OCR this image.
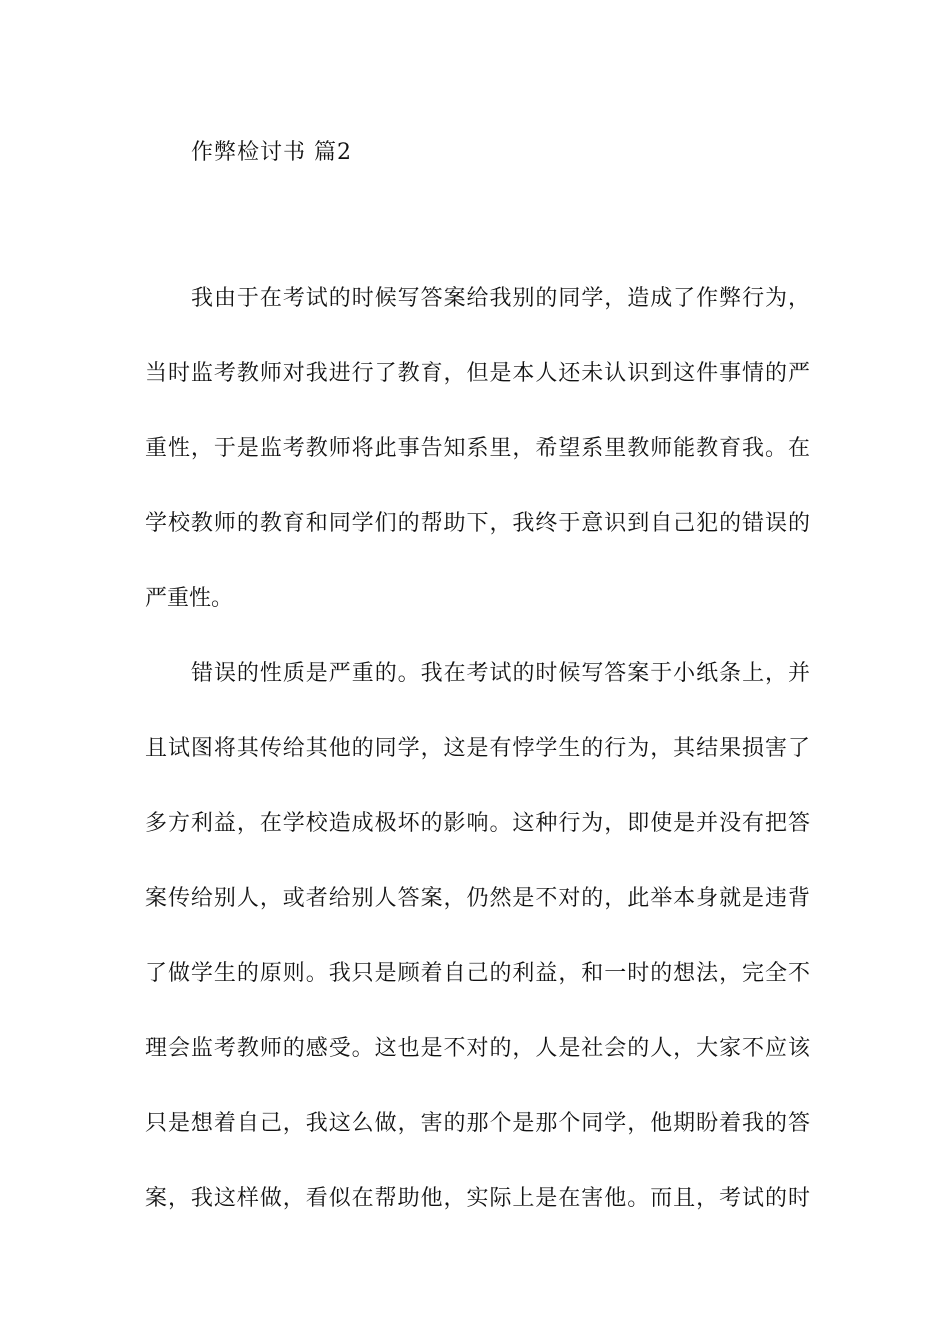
作弊检讨书 篇2
我由于在考试的时候写答案给我别的同学，造成了作弊行为，
当时监考教师对我进行了教育，但是本人还未认识到这件事情的严
重性，于是监考教师将此事告知系里，希望系里教师能教育我。在
学校教师的教育和同学们的帮助下，我终于意识到自己犯的错误的
严重性。
错误的性质是严重的。我在考试的时候写答案于小纸条上，并
且试图将其传给其他的同学，这是有悖学生的行为，其结果损害了
多方利益，在学校造成极坏的影响。这种行为，即使是并没有把答
案传给别人，或者给别人答案，仍然是不对的，此举本身就是违背
了做学生的原则。我只是顾着自己的利益，和一时的想法，完全不
理会监考教师的感受。这也是不对的，人是社会的人，大家不应该
只是想着自己，我这么做，害的那个是那个同学，他期盼着我的答
案，我这样做，看似在帮助他，实际上是在害他。而且，考试的时
